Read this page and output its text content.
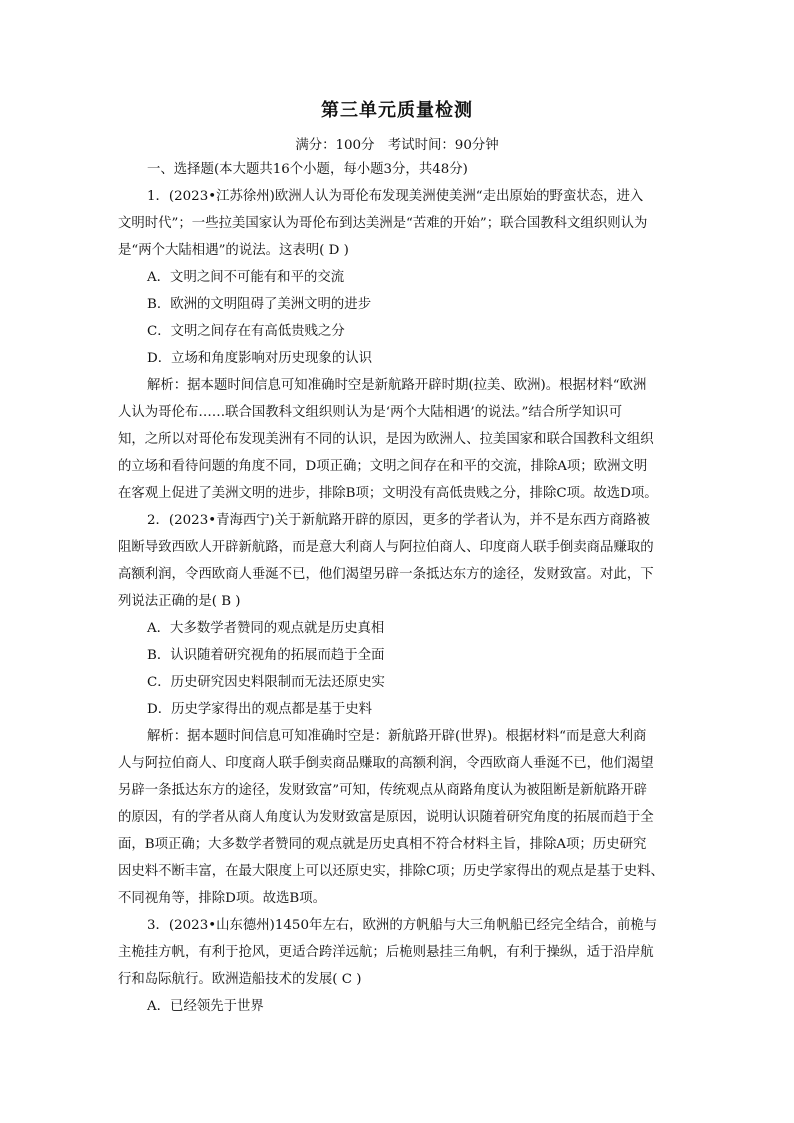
第三单元质量检测
满分：100分　考试时间：90分钟
一、选择题(本大题共16个小题，每小题3分，共48分)
1．(2023•江苏徐州)欧洲人认为哥伦布发现美洲使美洲“走出原始的野蛮状态，进入
文明时代”；一些拉美国家认为哥伦布到达美洲是“苦难的开始”；联合国教科文组织则认为
是“两个大陆相遇”的说法。这表明( D )
A．文明之间不可能有和平的交流
B．欧洲的文明阻碍了美洲文明的进步
C．文明之间存在有高低贵贱之分
D．立场和角度影响对历史现象的认识
解析：据本题时间信息可知准确时空是新航路开辟时期(拉美、欧洲)。根据材料“欧洲
人认为哥伦布……联合国教科文组织则认为是‘两个大陆相遇’的说法。”结合所学知识可
知，之所以对哥伦布发现美洲有不同的认识，是因为欧洲人、拉美国家和联合国教科文组织
的立场和看待问题的角度不同，D项正确；文明之间存在和平的交流，排除A项；欧洲文明
在客观上促进了美洲文明的进步，排除B项；文明没有高低贵贱之分，排除C项。故选D项。
2．(2023•青海西宁)关于新航路开辟的原因，更多的学者认为，并不是东西方商路被
阻断导致西欧人开辟新航路，而是意大利商人与阿拉伯商人、印度商人联手倒卖商品赚取的
高额利润，令西欧商人垂涎不已，他们渴望另辟一条抵达东方的途径，发财致富。对此，下
列说法正确的是( B )
A．大多数学者赞同的观点就是历史真相
B．认识随着研究视角的拓展而趋于全面
C．历史研究因史料限制而无法还原史实
D．历史学家得出的观点都是基于史料
解析：据本题时间信息可知准确时空是：新航路开辟(世界)。根据材料“而是意大利商
人与阿拉伯商人、印度商人联手倒卖商品赚取的高额利润，令西欧商人垂涎不已，他们渴望
另辟一条抵达东方的途径，发财致富”可知，传统观点从商路角度认为被阻断是新航路开辟
的原因，有的学者从商人角度认为发财致富是原因，说明认识随着研究角度的拓展而趋于全
面，B项正确；大多数学者赞同的观点就是历史真相不符合材料主旨，排除A项；历史研究
因史料不断丰富，在最大限度上可以还原史实，排除C项；历史学家得出的观点是基于史料、
不同视角等，排除D项。故选B项。
3．(2023•山东德州)1450年左右，欧洲的方帆船与大三角帆船已经完全结合，前桅与
主桅挂方帆，有利于抢风，更适合跨洋远航；后桅则悬挂三角帆，有利于操纵，适于沿岸航
行和岛际航行。欧洲造船技术的发展( C )
A．已经领先于世界
